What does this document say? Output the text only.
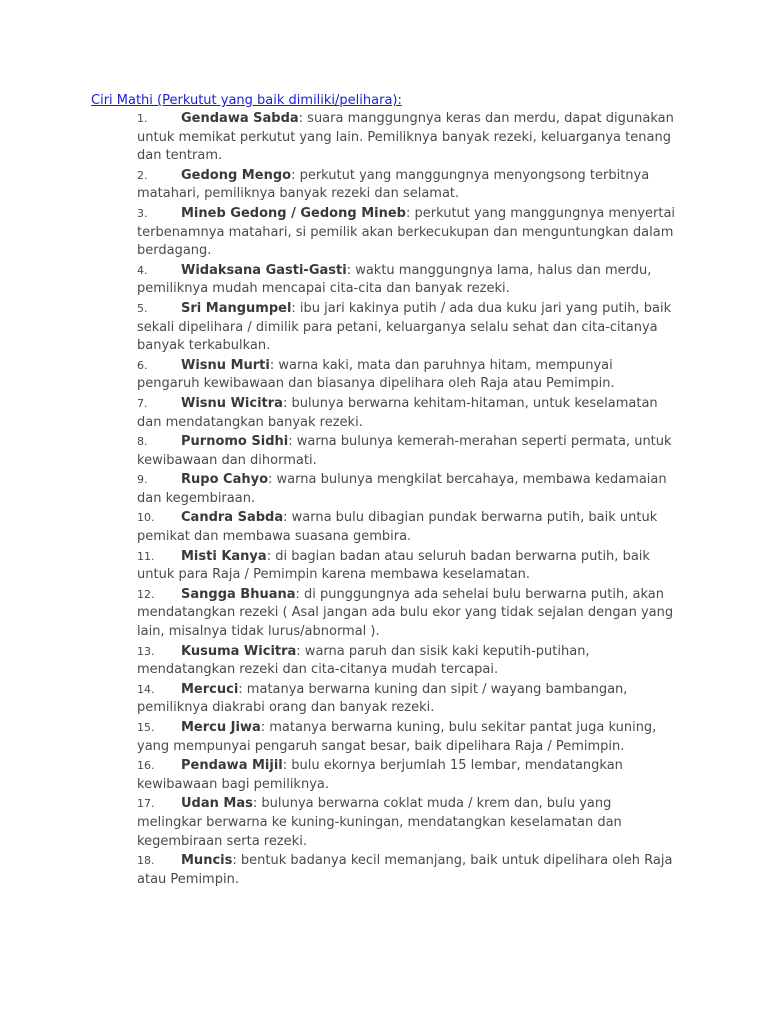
Ciri Mathi (Perkutut yang baik dimiliki/pelihara):
1.	Gendawa Sabda: suara manggungnya keras dan merdu, dapat digunakan untuk memikat perkutut yang lain. Pemiliknya banyak rezeki, keluarganya tenang dan tentram.
2.	Gedong Mengo: perkutut yang manggungnya menyongsong terbitnya matahari, pemiliknya banyak rezeki dan selamat.
3.	Mineb Gedong / Gedong Mineb: perkutut yang manggungnya menyertai terbenamnya matahari, si pemilik akan berkecukupan dan menguntungkan dalam berdagang.
4.	Widaksana Gasti-Gasti: waktu manggungnya lama, halus dan merdu, pemiliknya mudah mencapai cita-cita dan banyak rezeki.
5.	Sri Mangumpel: ibu jari kakinya putih / ada dua kuku jari yang putih, baik sekali dipelihara / dimilik para petani, keluarganya selalu sehat dan cita-citanya banyak terkabulkan.
6.	Wisnu Murti: warna kaki, mata dan paruhnya hitam, mempunyai pengaruh kewibawaan dan biasanya dipelihara oleh Raja atau Pemimpin.
7.	Wisnu Wicitra: bulunya berwarna kehitam-hitaman, untuk keselamatan dan mendatangkan banyak rezeki.
8.	Purnomo Sidhi: warna bulunya kemerah-merahan seperti permata, untuk kewibawaan dan dihormati.
9.	Rupo Cahyo: warna bulunya mengkilat bercahaya, membawa kedamaian dan kegembiraan.
10. Candra Sabda: warna bulu dibagian pundak berwarna putih, baik untuk pemikat dan membawa suasana gembira.
11. Misti Kanya: di bagian badan atau seluruh badan berwarna putih, baik untuk para Raja / Pemimpin karena membawa keselamatan.
12. Sangga Bhuana: di punggungnya ada sehelai bulu berwarna putih, akan mendatangkan rezeki ( Asal jangan ada bulu ekor yang tidak sejalan dengan yang lain, misalnya tidak lurus/abnormal ).
13. Kusuma Wicitra: warna paruh dan sisik kaki keputih-putihan, mendatangkan rezeki dan cita-citanya mudah tercapai.
14. Mercuci: matanya berwarna kuning dan sipit / wayang bambangan, pemiliknya diakrabi orang dan banyak rezeki.
15. Mercu Jiwa: matanya berwarna kuning, bulu sekitar pantat juga kuning, yang mempunyai pengaruh sangat besar, baik dipelihara Raja / Pemimpin.
16. Pendawa Mijil: bulu ekornya berjumlah 15 lembar, mendatangkan kewibawaan bagi pemiliknya.
17. Udan Mas: bulunya berwarna coklat muda / krem dan, bulu yang melingkar berwarna ke kuning-kuningan, mendatangkan keselamatan dan kegembiraan serta rezeki.
18. Muncis: bentuk badanya kecil memanjang, baik untuk dipelihara oleh Raja atau Pemimpin.
